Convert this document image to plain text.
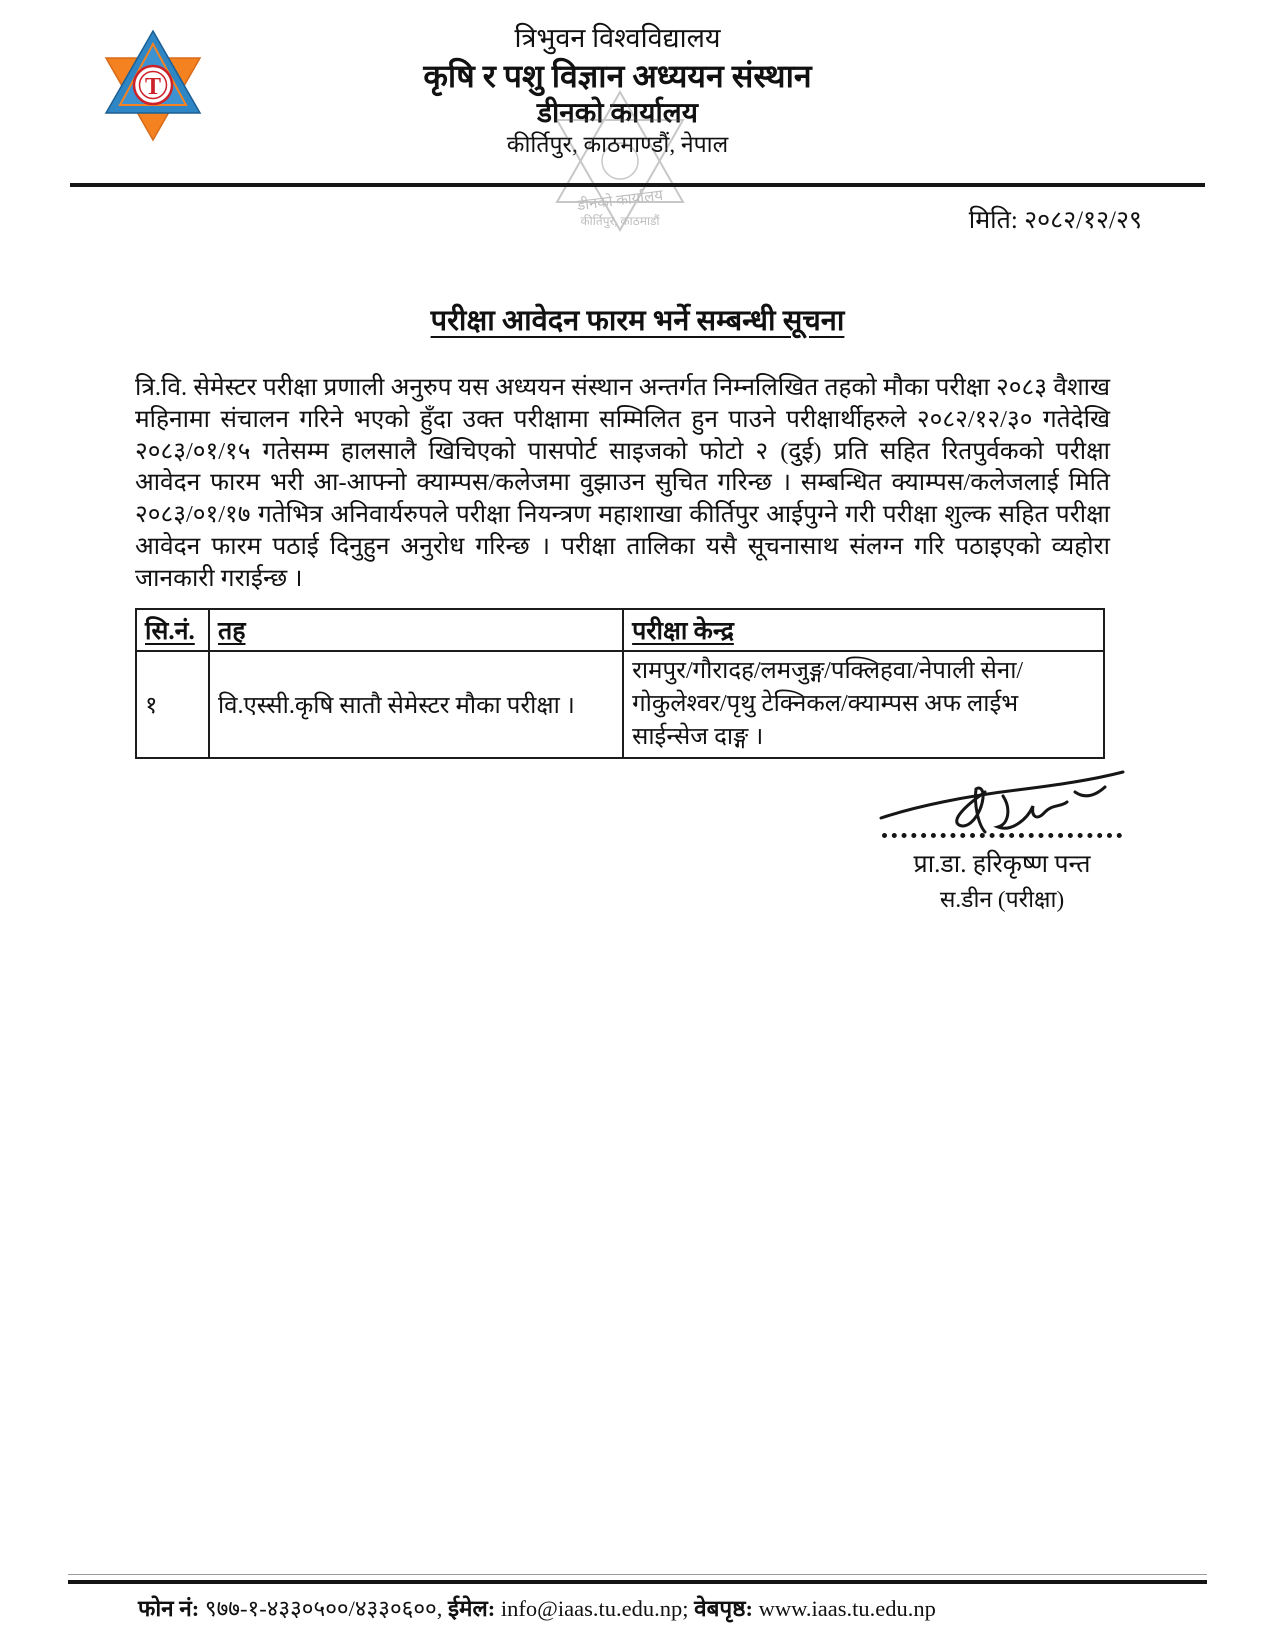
T
त्रिभुवन विश्वविद्यालय
कृषि र पशु विज्ञान अध्ययन संस्थान
डीनको कार्यालय
कीर्तिपुर, काठमाण्डौं, नेपाल
डीनको कार्यालय
कीर्तिपुर, काठमाडौं	मिति: २०८२/१२/२९
परीक्षा आवेदन फारम भर्ने सम्बन्धी सूचना

त्रि.वि. सेमेस्टर परीक्षा प्रणाली अनुरुप यस अध्ययन संस्थान अन्तर्गत निम्नलिखित तहको मौका परीक्षा २०८३ वैशाख महिनामा संचालन गरिने भएको हुँदा उक्त परीक्षामा सम्मिलित हुन पाउने परीक्षार्थीहरुले २०८२/१२/३० गतेदेखि २०८३/०१/१५ गतेसम्म हालसालै खिचिएको पासपोर्ट साइजको फोटो २ (दुई) प्रति सहित रितपुर्वकको परीक्षा आवेदन फारम भरी आ-आफ्नो क्याम्पस/कलेजमा वुझाउन सुचित गरिन्छ । सम्बन्धित क्याम्पस/कलेजलाई मिति २०८३/०१/१७ गतेभित्र अनिवार्यरुपले परीक्षा नियन्त्रण महाशाखा कीर्तिपुर आईपुग्ने गरी परीक्षा शुल्क सहित परीक्षा आवेदन फारम पठाई दिनुहुन अनुरोध गरिन्छ । परीक्षा तालिका यसै सूचनासाथ संलग्न गरि पठाइएको व्यहोरा जानकारी गराईन्छ ।

सि.नं.	तह	परीक्षा केन्द्र
१	वि.एस्सी.कृषि सातौ सेमेस्टर मौका परीक्षा ।	रामपुर/गौरादह/लमजुङ्ग/पक्लिहवा/नेपाली सेना/ गोकुलेश्वर/पृथु टेक्निकल/क्याम्पस अफ लाईभ साईन्सेज दाङ्ग ।
प्रा.डा. हरिकृष्ण पन्त
स.डीन (परीक्षा)
फोन नं: ९७७-१-४३३०५००/४३३०६००, ईमेल: info@iaas.tu.edu.np; वेबपृष्ठ: www.iaas.tu.edu.np
